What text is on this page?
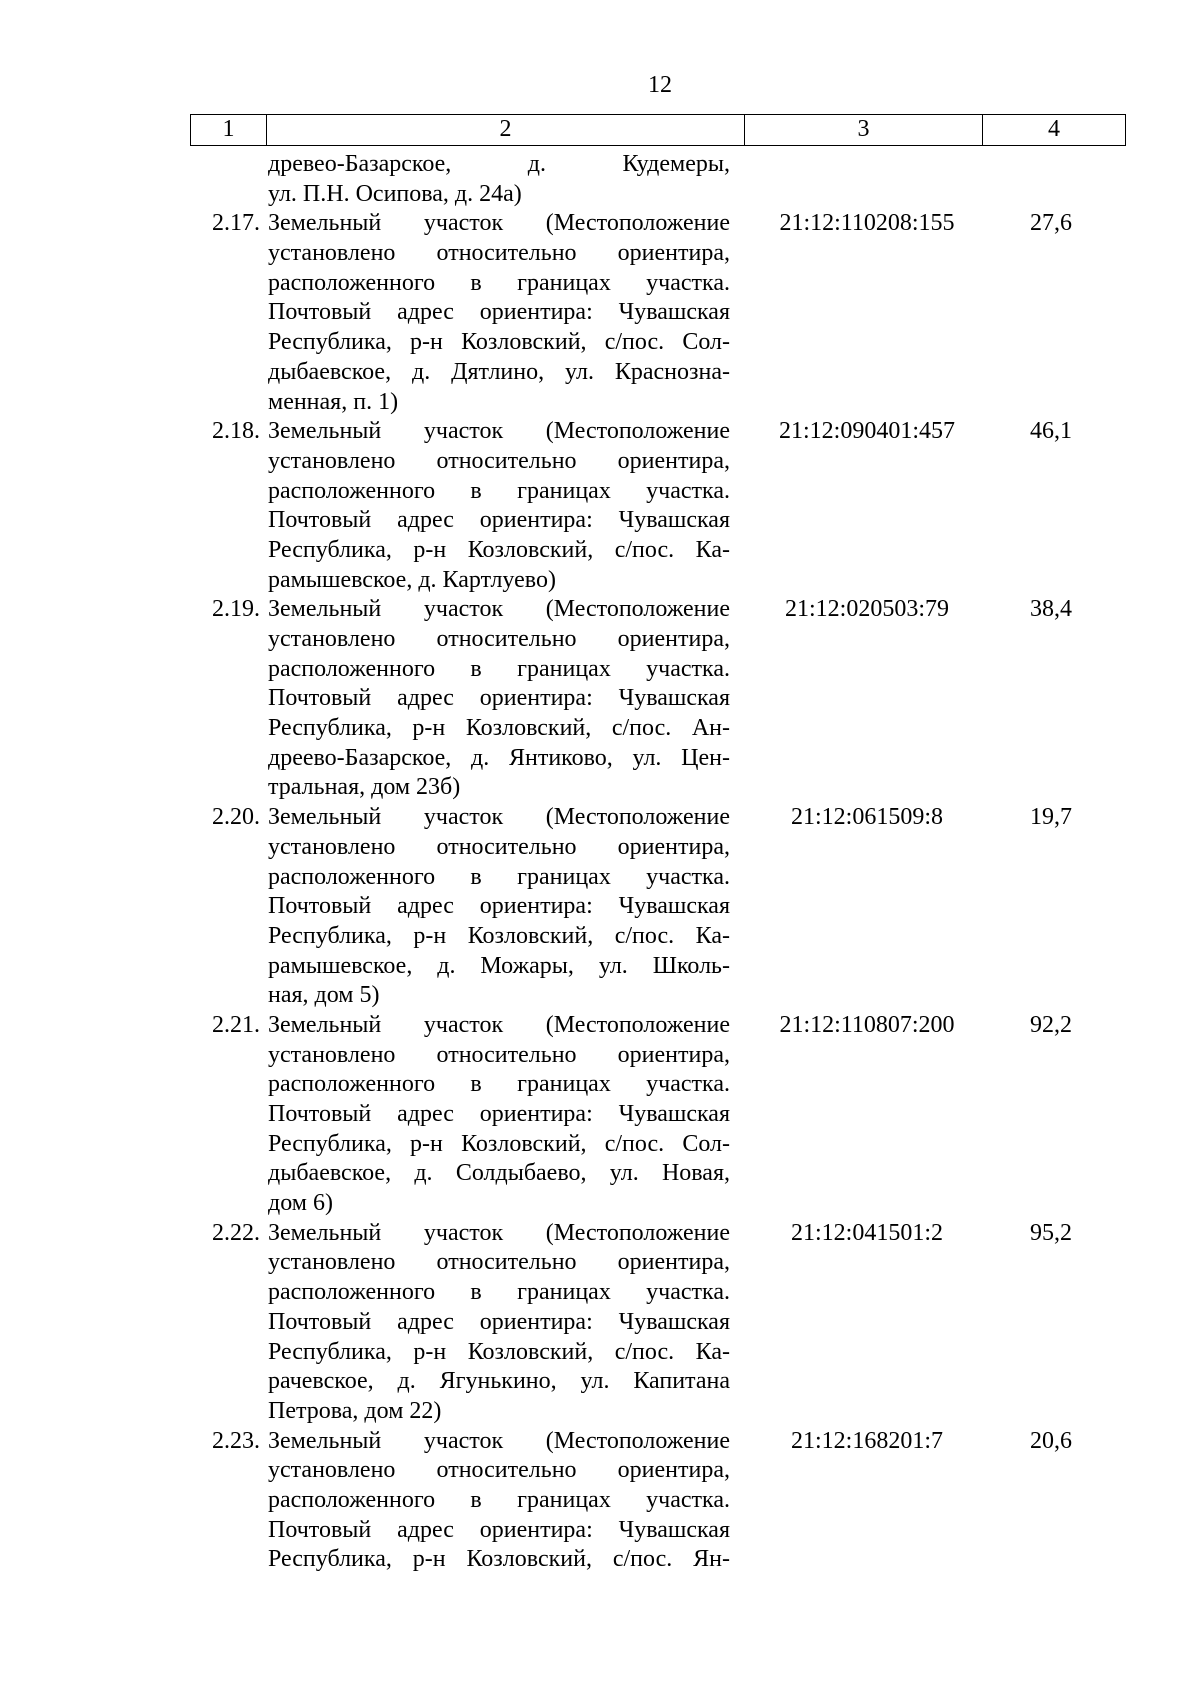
12
1	2	3	4
древео-Базарское, д. Кудемеры,
ул. П.Н. Осипова, д. 24а)
2.17. Земельный участок (Местоположение
установлено относительно ориентира,
расположенного в границах участка.
Почтовый адрес ориентира: Чувашская
Республика, р-н Козловский, с/пос. Сол-
дыбаевское, д. Дятлино, ул. Краснозна-
менная, п. 1)
21:12:110208:155	27,6
2.18. Земельный участок (Местоположение
установлено относительно ориентира,
расположенного в границах участка.
Почтовый адрес ориентира: Чувашская
Республика, р-н Козловский, с/пос. Ка-
рамышевское, д. Картлуево)
21:12:090401:457	46,1
2.19. Земельный участок (Местоположение
установлено относительно ориентира,
расположенного в границах участка.
Почтовый адрес ориентира: Чувашская
Республика, р-н Козловский, с/пос. Ан-
дреево-Базарское, д. Янтиково, ул. Цен-
тральная, дом 23б)
21:12:020503:79	38,4
2.20. Земельный участок (Местоположение
установлено относительно ориентира,
расположенного в границах участка.
Почтовый адрес ориентира: Чувашская
Республика, р-н Козловский, с/пос. Ка-
рамышевское, д. Можары, ул. Школь-
ная, дом 5)
21:12:061509:8	19,7
2.21. Земельный участок (Местоположение
установлено относительно ориентира,
расположенного в границах участка.
Почтовый адрес ориентира: Чувашская
Республика, р-н Козловский, с/пос. Сол-
дыбаевское, д. Солдыбаево, ул. Новая,
дом 6)
21:12:110807:200	92,2
2.22. Земельный участок (Местоположение
установлено относительно ориентира,
расположенного в границах участка.
Почтовый адрес ориентира: Чувашская
Республика, р-н Козловский, с/пос. Ка-
рачевское, д. Ягунькино, ул. Капитана
Петрова, дом 22)
21:12:041501:2	95,2
2.23. Земельный участок (Местоположение
установлено относительно ориентира,
расположенного в границах участка.
Почтовый адрес ориентира: Чувашская
Республика, р-н Козловский, с/пос. Ян-
21:12:168201:7	20,6
